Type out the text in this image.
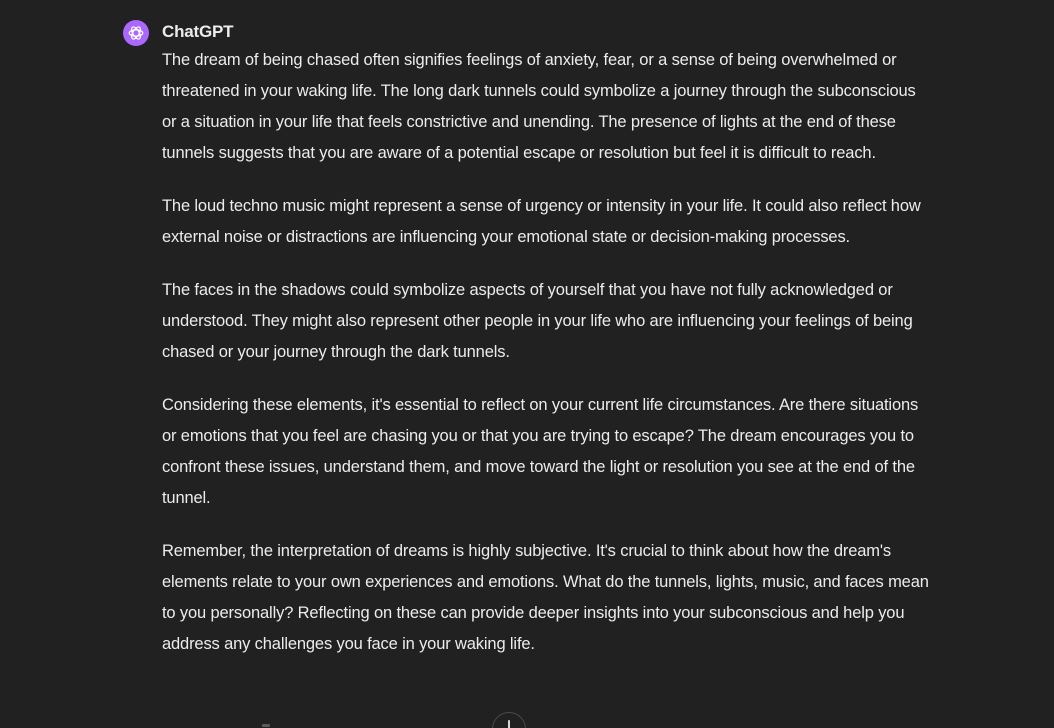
ChatGPT

The dream of being chased often signifies feelings of anxiety, fear, or a sense of being overwhelmed or threatened in your waking life. The long dark tunnels could symbolize a journey through the subconscious or a situation in your life that feels constrictive and unending. The presence of lights at the end of these tunnels suggests that you are aware of a potential escape or resolution but feel it is difficult to reach.

The loud techno music might represent a sense of urgency or intensity in your life. It could also reflect how external noise or distractions are influencing your emotional state or decision-making processes.

The faces in the shadows could symbolize aspects of yourself that you have not fully acknowledged or understood. They might also represent other people in your life who are influencing your feelings of being chased or your journey through the dark tunnels.

Considering these elements, it's essential to reflect on your current life circumstances. Are there situations or emotions that you feel are chasing you or that you are trying to escape? The dream encourages you to confront these issues, understand them, and move toward the light or resolution you see at the end of the tunnel.

Remember, the interpretation of dreams is highly subjective. It's crucial to think about how the dream's elements relate to your own experiences and emotions. What do the tunnels, lights, music, and faces mean to you personally? Reflecting on these can provide deeper insights into your subconscious and help you address any challenges you face in your waking life.
